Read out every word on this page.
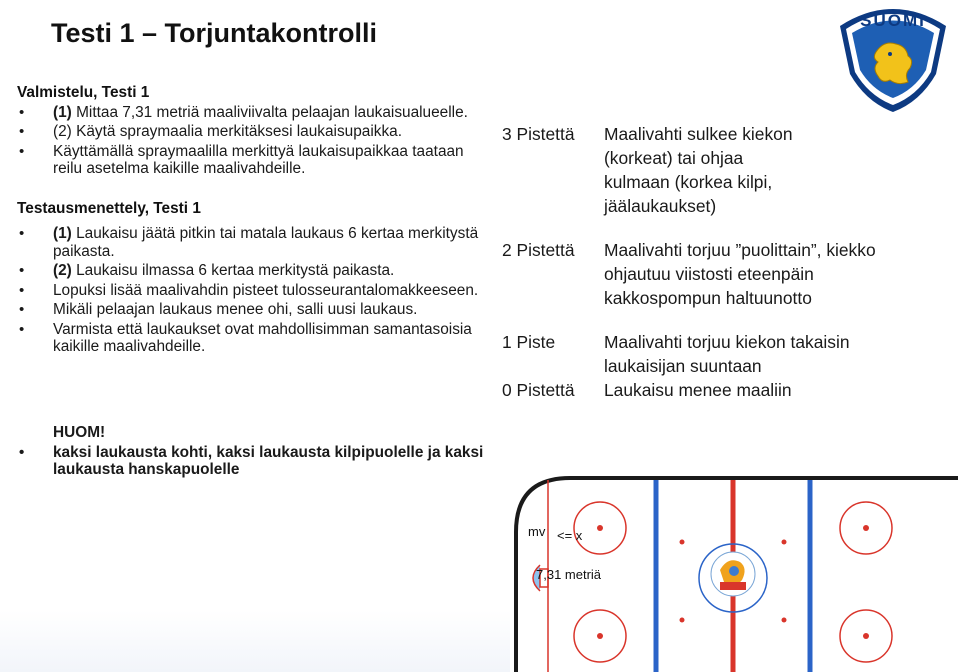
Testi 1 – Torjuntakontrolli	SUOMI

Valmistelu, Testi 1

• (1) Mittaa 7,31 metriä maaliviivalta pelaajan laukaisualueelle.
• (2) Käytä spraymaalia merkitäksesi laukaisupaikka.
• Käyttämällä spraymaalilla merkittyä laukaisupaikkaa taataan reilu asetelma kaikille maalivahdeille.

Testausmenettely, Testi 1

• (1) Laukaisu jäätä pitkin tai matala laukaus 6 kertaa merkitystä paikasta.
• (2) Laukaisu ilmassa 6 kertaa merkitystä paikasta.
• Lopuksi lisää maalivahdin pisteet tulosseurantalomakkeeseen.
• Mikäli pelaajan laukaus menee ohi, salli uusi laukaus.
• Varmista että laukaukset ovat mahdollisimman samantasoisia kaikille maalivahdeille.
HUOM!
• kaksi laukausta kohti, kaksi laukausta kilpipuolelle ja kaksi laukausta hanskapuolelle
3 Pistettä	Maalivahti sulkee kiekon
(korkeat) tai ohjaa
kulmaan (korkea kilpi,
jäälaukaukset)
2 Pistettä	Maalivahti torjuu ”puolittain”, kiekko
ohjautuu viistosti eteenpäin
kakkospompun haltuunotto
1 Piste	Maalivahti torjuu kiekon takaisin
laukaisijan suuntaan
0 Pistettä	Laukaisu menee maaliin
mv <= x
7,31 metriä
